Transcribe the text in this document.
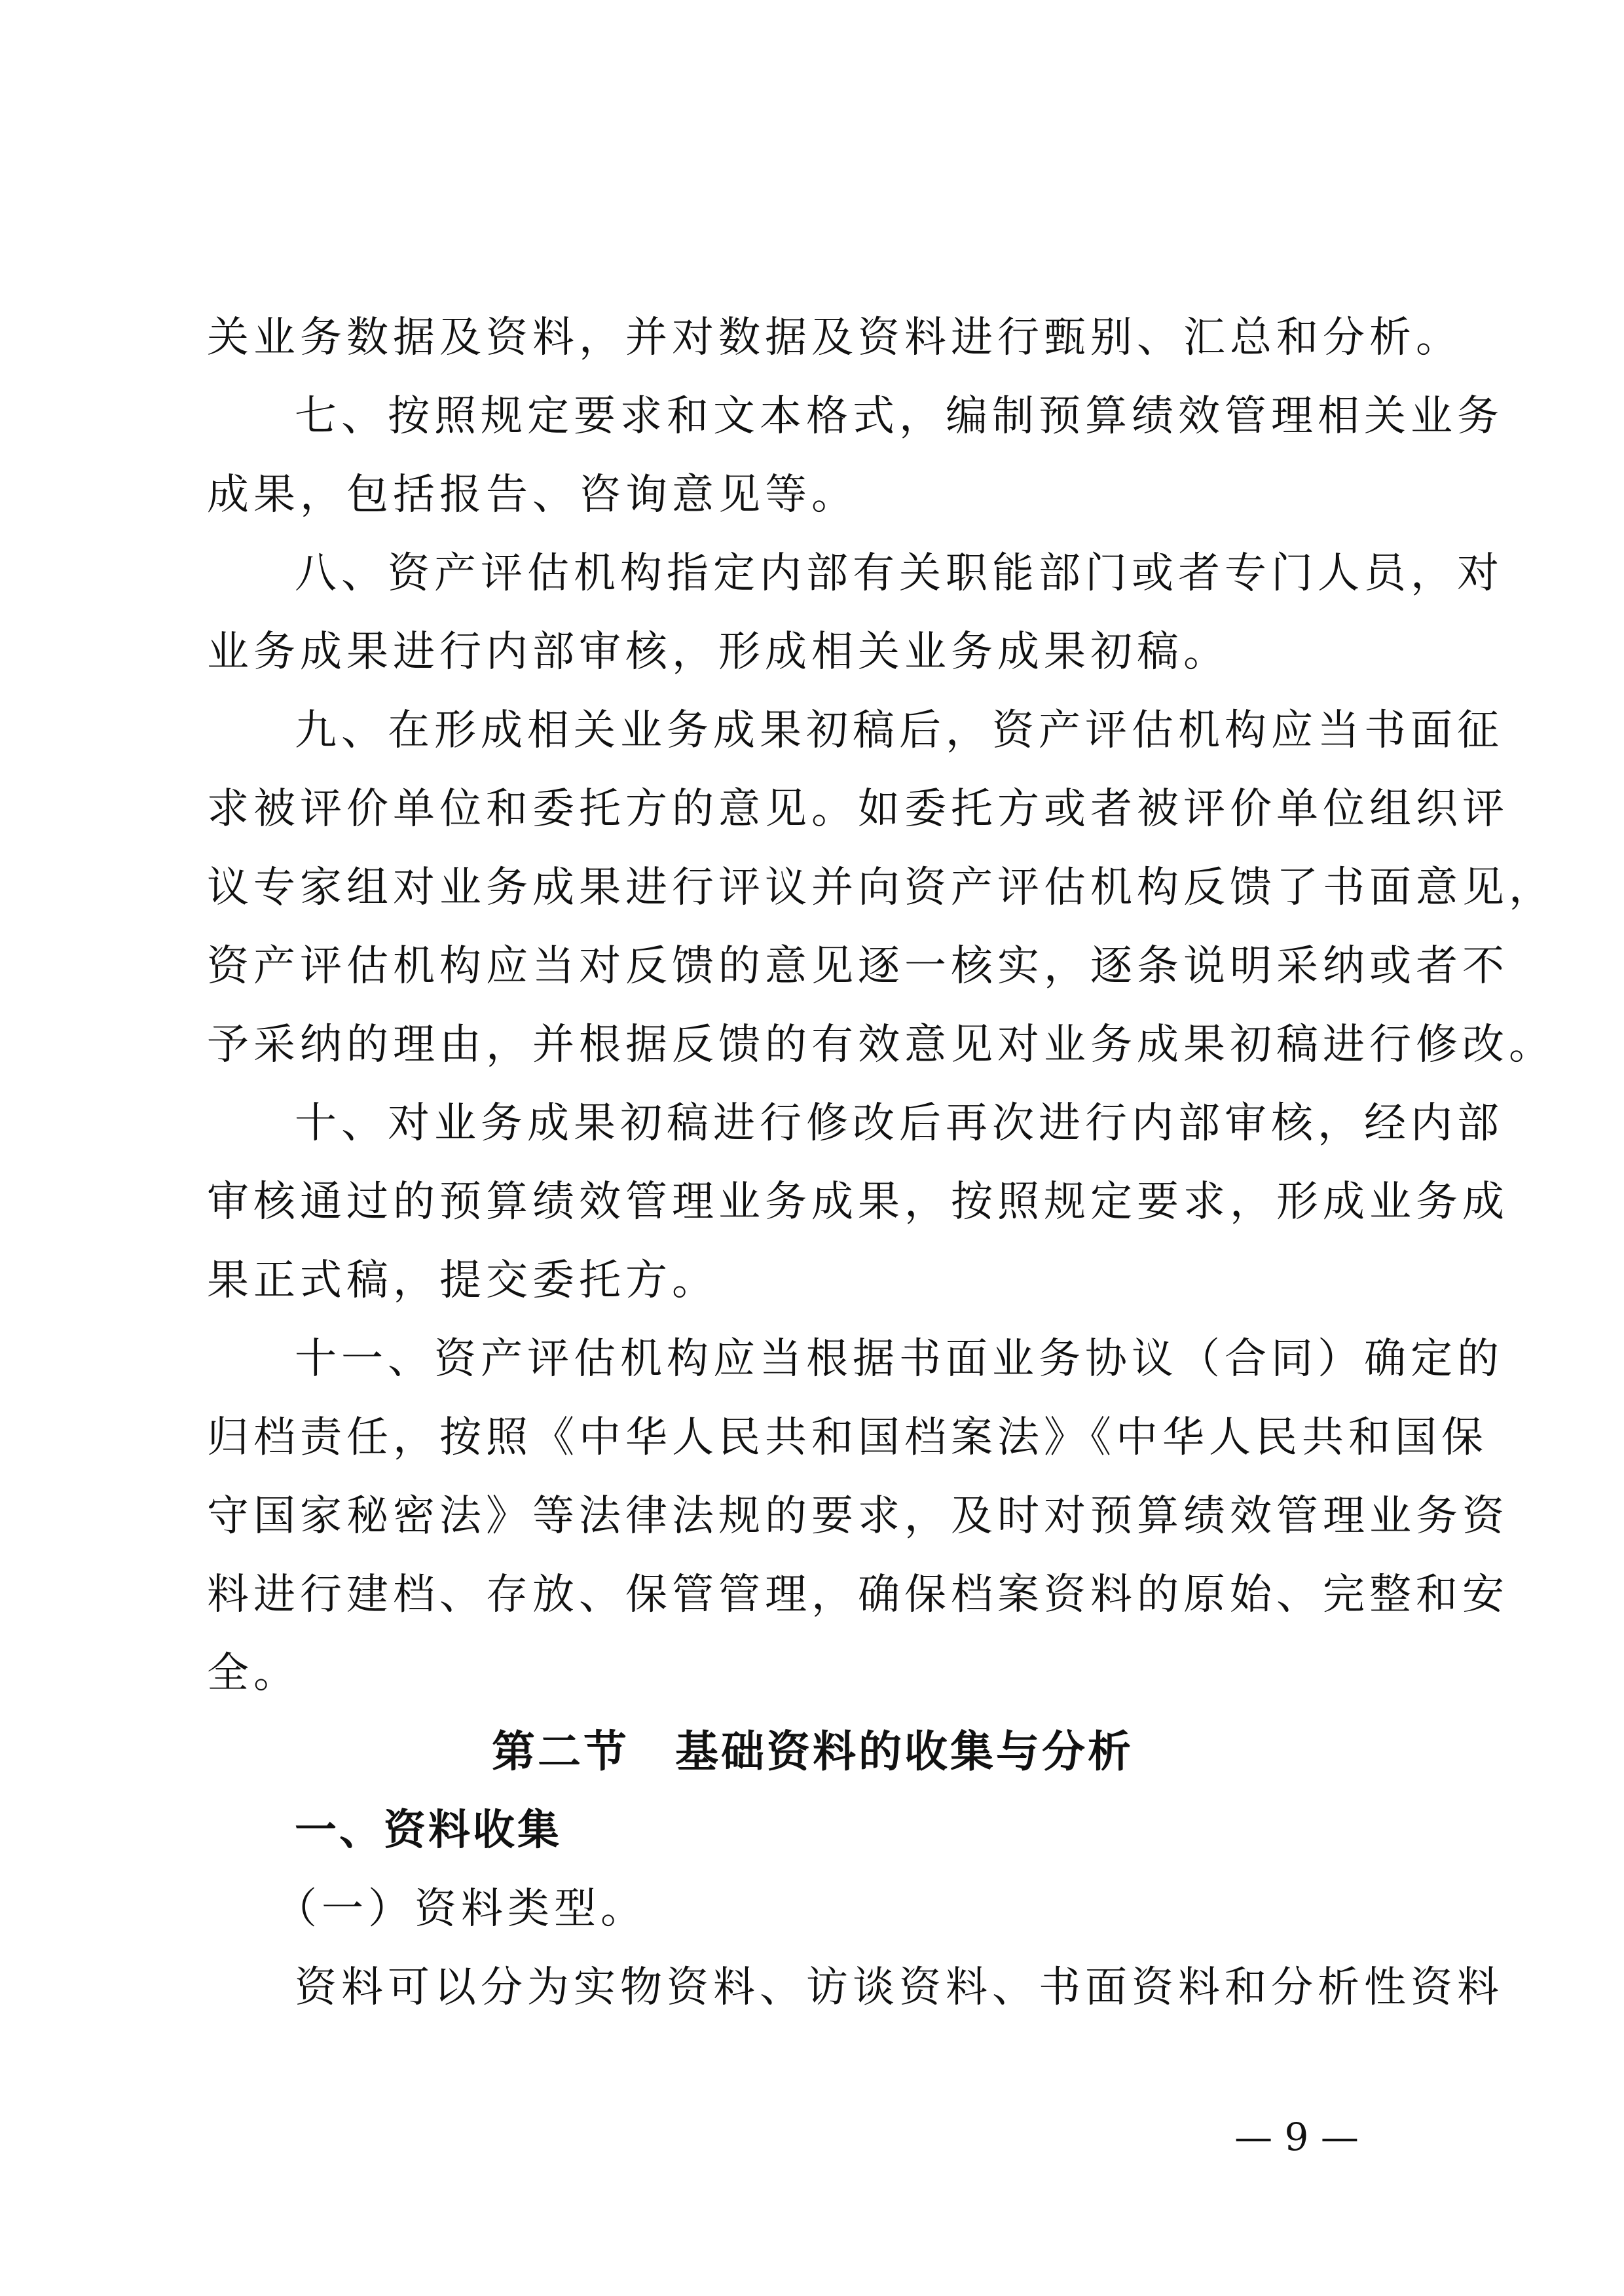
关业务数据及资料，并对数据及资料进行甄别、汇总和分析。
七、按照规定要求和文本格式，编制预算绩效管理相关业务
成果，包括报告、咨询意见等。
八、资产评估机构指定内部有关职能部门或者专门人员，对
业务成果进行内部审核，形成相关业务成果初稿。
九、在形成相关业务成果初稿后，资产评估机构应当书面征
求被评价单位和委托方的意见。如委托方或者被评价单位组织评
议专家组对业务成果进行评议并向资产评估机构反馈了书面意见，
资产评估机构应当对反馈的意见逐一核实，逐条说明采纳或者不
予采纳的理由，并根据反馈的有效意见对业务成果初稿进行修改。
十、对业务成果初稿进行修改后再次进行内部审核，经内部
审核通过的预算绩效管理业务成果，按照规定要求，形成业务成
果正式稿，提交委托方。
十一、资产评估机构应当根据书面业务协议（合同）确定的
归档责任，按照《中华人民共和国档案法》《中华人民共和国保
守国家秘密法》等法律法规的要求，及时对预算绩效管理业务资
料进行建档、存放、保管管理，确保档案资料的原始、完整和安
全。
第二节　基础资料的收集与分析
一、资料收集
（一）资料类型。
资料可以分为实物资料、访谈资料、书面资料和分析性资料
— 9 —
